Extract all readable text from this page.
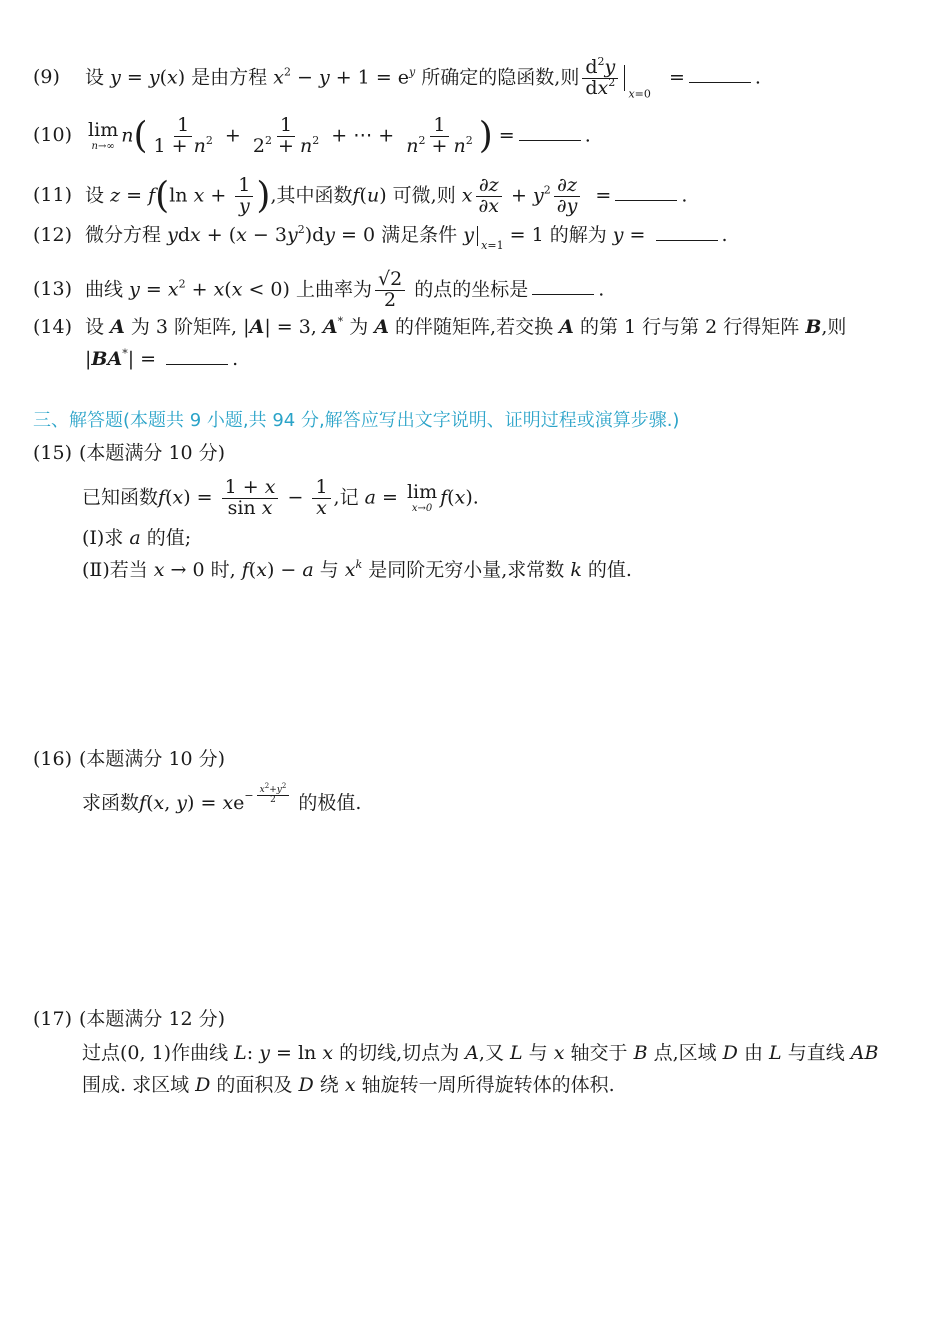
(9) 设 y = y(x) 是由方程 $x^2 - y + 1 = e^y$ 所确定的隐函数,则 $\frac{d^2y}{dx^2} _{x=0}$   =	.
(10) lim
n→∞ $n( \frac{1}{1 + n^2} + \frac{1}{2^2 + n^2}$ + ⋯ + $\frac{1}{n^2 + n^2}$ ) =	.
(11) 设 z = f(ln $x + \frac{1}{y}$ ),其中函数f(u) 可微,则 x $\frac{\partial z}{\partial x} + y^2 \frac{\partial z}{\partial y}$ =	.
(12) 微分方程 ydx + $(x - 3y^2)dy = 0$ 满足条件 y $_{x=1}$ = 1 的解为 y =	.
(13) 曲线 $y = x^2 + x(x < 0)$ 上曲率为 $\frac{√2}{2}$ 的点的坐标是	.
(14) 设 A 为 3 阶矩阵, |A| = 3, A* 为 A 的伴随矩阵,若交换 A 的第 1 行与第 2 行得矩阵 B,则
|BA*| =	.
三、解答题(本题共 9 小题,共 94 分,解答应写出文字说明、证明过程或演算步骤.)
(15) (本题满分 10 分)
已知函数$f(x) = \frac{1 + x}{\text{sin x}} - \frac{1}{x}$ ,记 a = lim
x→0 f(x).
(Ⅰ)求 a 的值;
(Ⅱ)若当 x → 0 时, f(x) − a 与 $x^k$ 是同阶无穷小量,求常数 k 的值.
(16) (本题满分 10 分)
求函数f(x, $y) = xe^{- \frac{x^2+y^2}{2}}$ 的极值.
(17) (本题满分 12 分)
过点(0, 1)作曲线 L: y = ln x 的切线,切点为 A,又 L 与 x 轴交于 B 点,区域 D 由 L 与直线 AB
围成. 求区域 D 的面积及 D 绕 x 轴旋转一周所得旋转体的体积.
